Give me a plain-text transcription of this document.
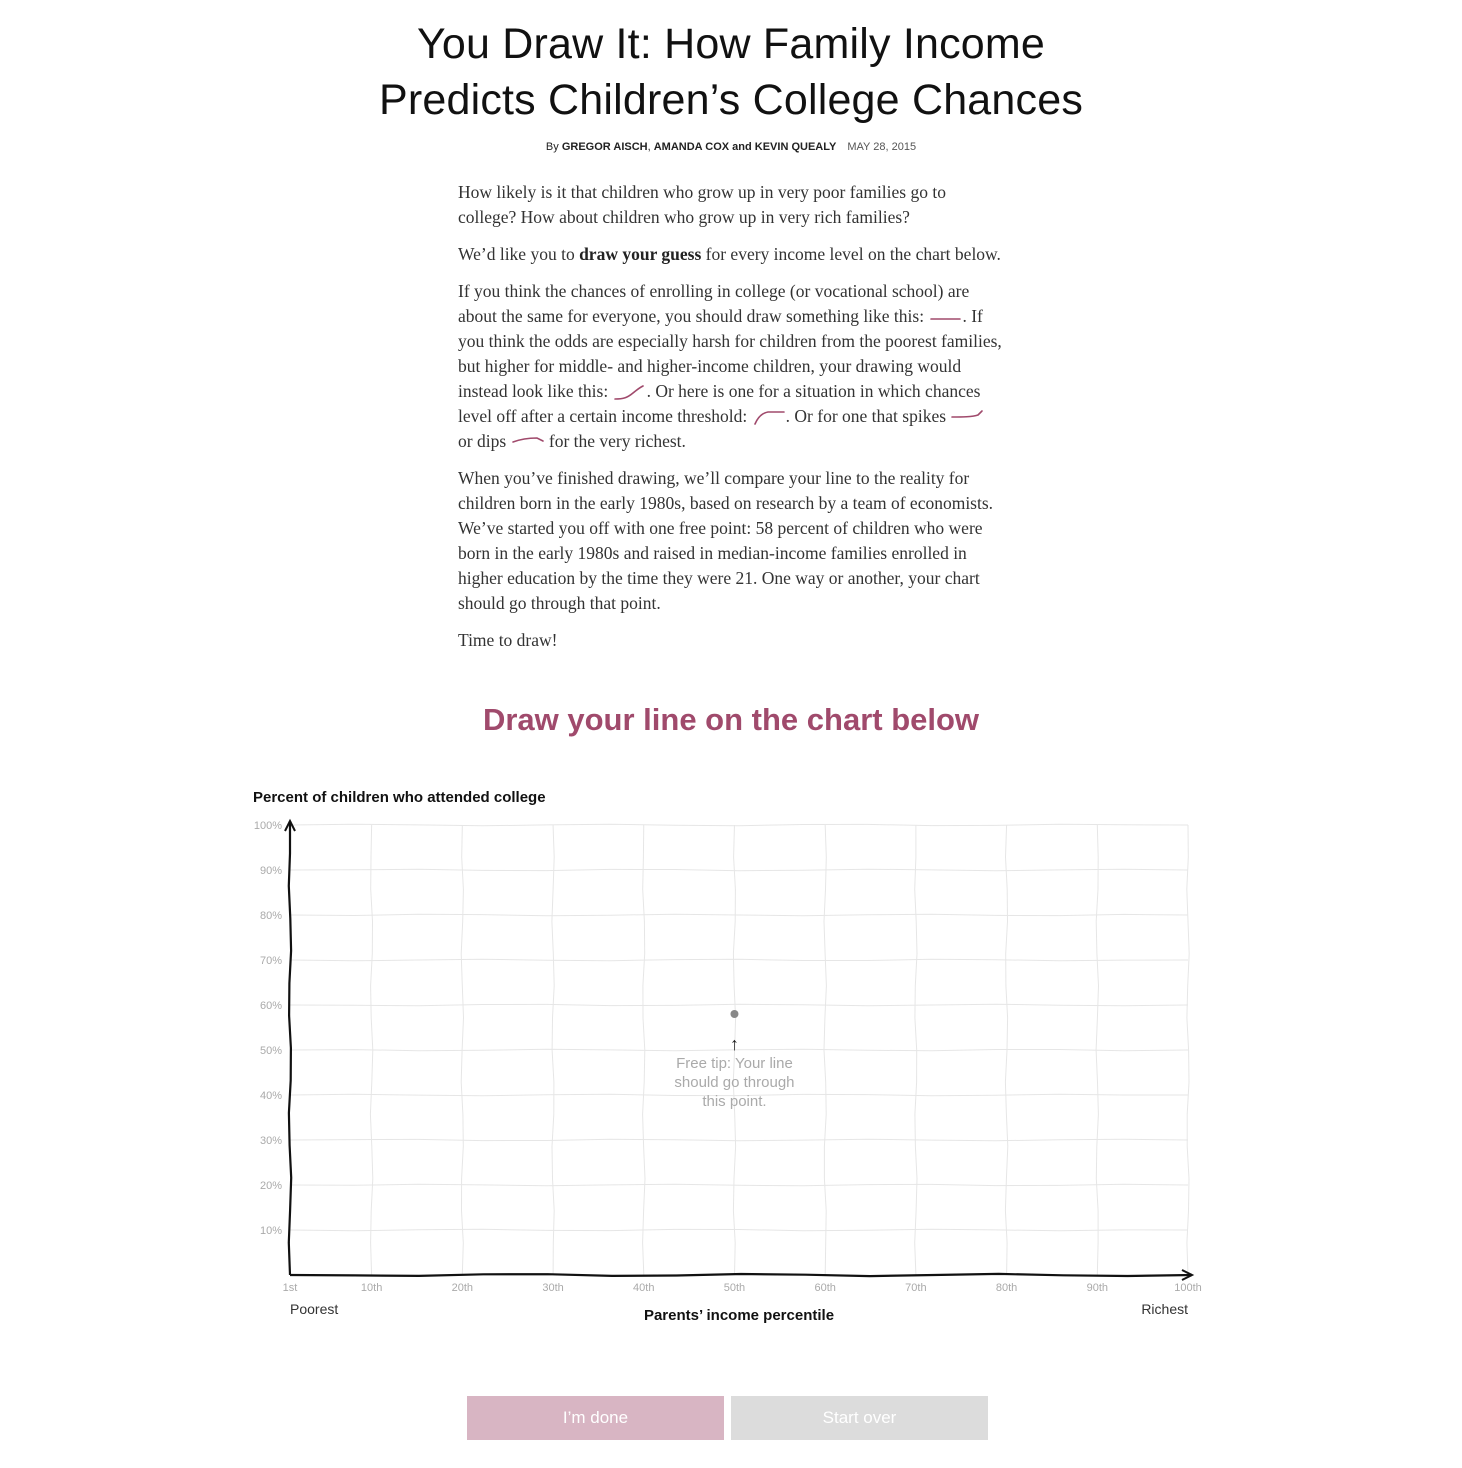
You Draw It: How Family Income
Predicts Children’s College Chances
By GREGOR AISCH, AMANDA COX and KEVIN QUEALY MAY 28, 2015

How likely is it that children who grow up in very poor families go to college? How about children who grow up in very rich families?

We’d like you to draw your guess for every income level on the chart below.

If you think the chances of enrolling in college (or vocational school) are about the same for everyone, you should draw something like this: . If you think the odds are especially harsh for children from the poorest families, but higher for middle- and higher-income children, your drawing would instead look like this: . Or here is one for a situation in which chances level off after a certain income threshold: . Or for one that spikes  or dips  for the very richest.

When you’ve finished drawing, we’ll compare your line to the reality for children born in the early 1980s, based on research by a team of economists. We’ve started you off with one free point: 58 percent of children who were born in the early 1980s and raised in median-income families enrolled in higher education by the time they were 21. One way or another, your chart should go through that point.

Time to draw!

Draw your line on the chart below
10%
20%
30%
40%
50%
60%
70%
80%
90%
100%
1st	10th	20th	30th	40th	50th	60th	70th	80th	90th	100th
Percent of children who attended college
Parents’ income percentile
Poorest	Richest
I’m done	Start over
